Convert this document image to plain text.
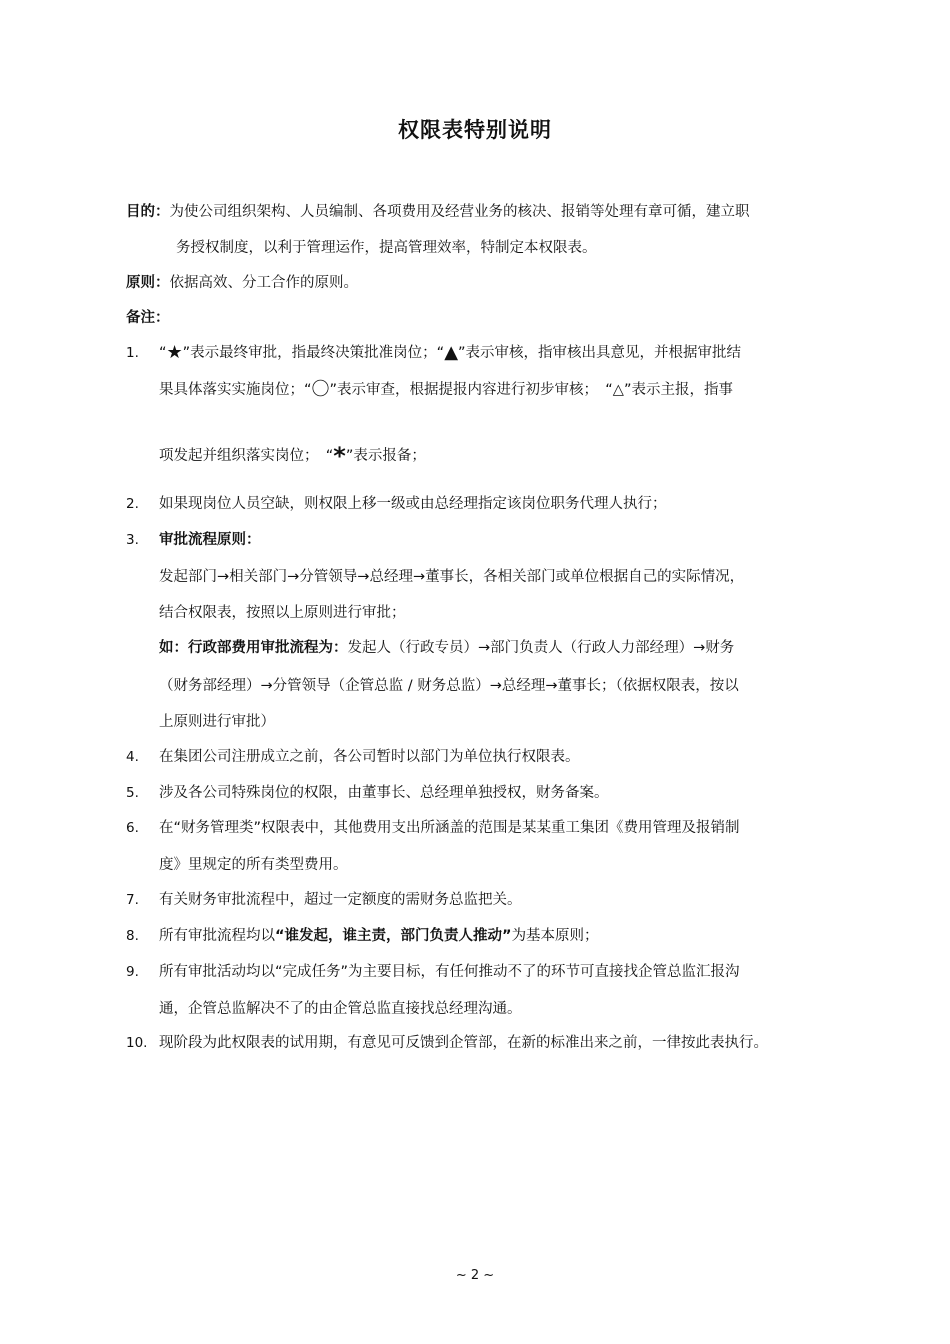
权限表特别说明
目的：为使公司组织架构、人员编制、各项费用及经营业务的核决、报销等处理有章可循，建立职
务授权制度，以利于管理运作，提高管理效率，特制定本权限表。
原则：依据高效、分工合作的原则。
备注：
1. “★”表示最终审批，指最终决策批准岗位；“▲”表示审核，指审核出具意见，并根据审批结
果具体落实实施岗位；“〇”表示审查，根据提报内容进行初步审核；　“△”表示主报，指事
项发起并组织落实岗位；　“*”表示报备；
2. 如果现岗位人员空缺，则权限上移一级或由总经理指定该岗位职务代理人执行；
3. 审批流程原则：
发起部门→相关部门→分管领导→总经理→董事长，各相关部门或单位根据自己的实际情况，
结合权限表，按照以上原则进行审批；
如：行政部费用审批流程为：发起人（行政专员）→部门负责人（行政人力部经理）→财务
（财务部经理）→分管领导（企管总监 / 财务总监）→总经理→董事长；（依据权限表，按以
上原则进行审批）
4. 在集团公司注册成立之前，各公司暂时以部门为单位执行权限表。
5. 涉及各公司特殊岗位的权限，由董事长、总经理单独授权，财务备案。
6. 在“财务管理类”权限表中，其他费用支出所涵盖的范围是某某重工集团《费用管理及报销制
度》里规定的所有类型费用。
7. 有关财务审批流程中，超过一定额度的需财务总监把关。
8. 所有审批流程均以“谁发起，谁主责，部门负责人推动”为基本原则；
9. 所有审批活动均以“完成任务”为主要目标，有任何推动不了的环节可直接找企管总监汇报沟
通，企管总监解决不了的由企管总监直接找总经理沟通。
10. 现阶段为此权限表的试用期，有意见可反馈到企管部，在新的标准出来之前，一律按此表执行。
~ 2 ~
